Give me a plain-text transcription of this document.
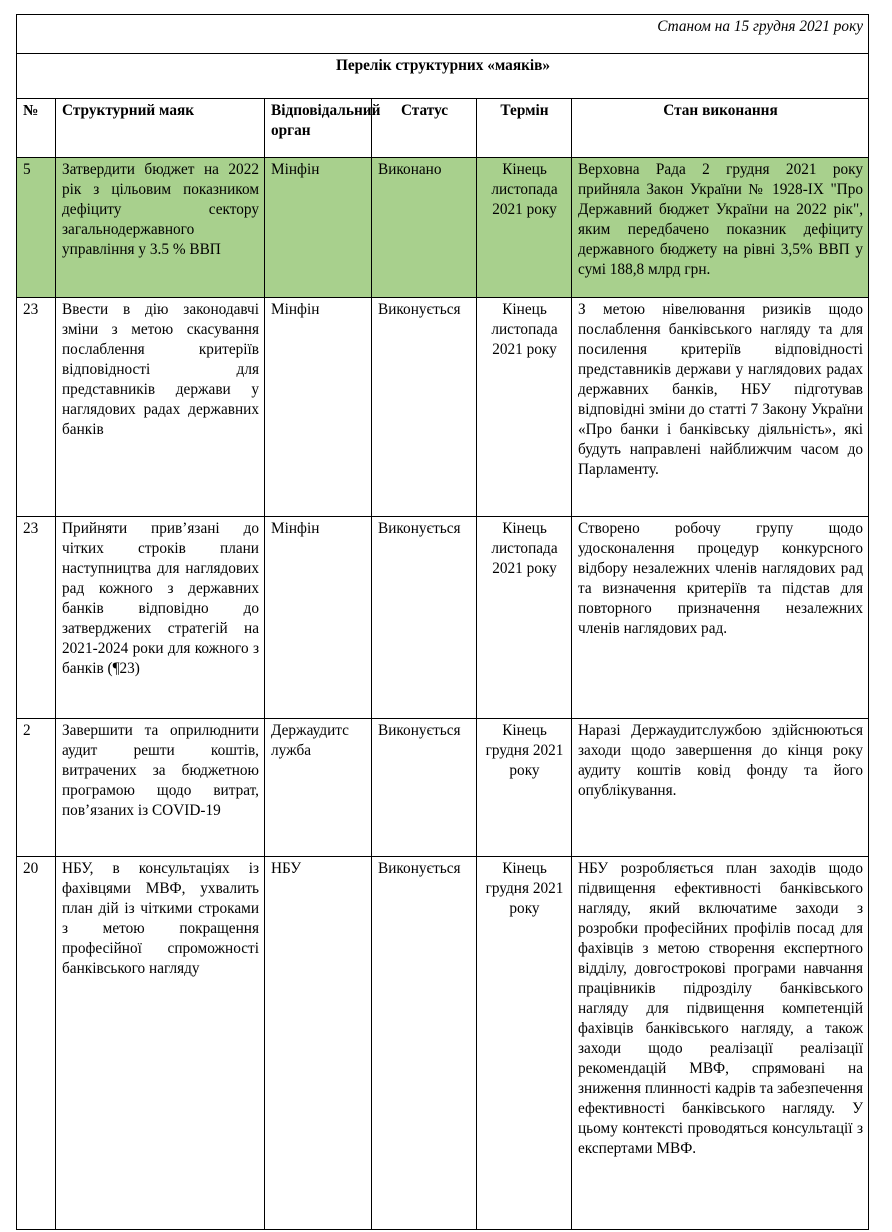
Станом на 15 грудня 2021 року					
Перелік структурних «маяків»					
№	Структурний маяк	Відповідальний орган	Статус	Термін	Стан виконання
5	Затвердити бюджет на 2022 рік з цільовим показником дефіциту сектору загальнодержавного управління у 3.5 % ВВП	Мінфін	Виконано	Кінець листопада 2021 року	Верховна Рада 2 грудня 2021 року прийняла Закон України № 1928-IX "Про Державний бюджет України на 2022 рік", яким передбачено показник дефіциту державного бюджету на рівні 3,5% ВВП у сумі 188,8 млрд грн.
23	Ввести в дію законодавчі зміни з метою скасування послаблення критеріїв відповідності для представників держави у наглядових радах державних банків	Мінфін	Виконується	Кінець листопада 2021 року	З метою нівелювання ризиків щодо послаблення банківського нагляду та для посилення критеріїв відповідності представників держави у наглядових радах державних банків, НБУ підготував відповідні зміни до статті 7 Закону України «Про банки і банківську діяльність», які будуть направлені найближчим часом до Парламенту.
23	Прийняти прив’язані до чітких строків плани наступництва для наглядових рад кожного з державних банків відповідно до затверджених стратегій на 2021-2024 роки для кожного з банків (¶23)	Мінфін	Виконується	Кінець листопада 2021 року	Створено робочу групу щодо удосконалення процедур конкурсного відбору незалежних членів наглядових рад та визначення критеріїв та підстав для повторного призначення незалежних членів наглядових рад.
2	Завершити та оприлюднити аудит решти коштів, витрачених за бюджетною програмою щодо витрат, пов’язаних із COVID-19	Держаудитс лужба	Виконується	Кінець грудня 2021 року	Наразі Держаудитслужбою здійснюються заходи щодо завершення до кінця року аудиту коштів ковід фонду та його опублікування.
20	НБУ, в консультаціях із фахівцями МВФ, ухвалить план дій із чіткими строками з метою покращення професійної спроможності банківського нагляду	НБУ	Виконується	Кінець грудня 2021 року	НБУ розробляється план заходів щодо підвищення ефективності банківського нагляду, який включатиме заходи з розробки професійних профілів посад для фахівців з метою створення експертного відділу, довгострокові програми навчання працівників підрозділу банківського нагляду для підвищення компетенцій фахівців банківського нагляду, а також заходи щодо реалізації реалізації рекомендацій МВФ, спрямовані на зниження плинності кадрів та забезпечення ефективності банківського нагляду. У цьому контексті проводяться консультації з експертами МВФ.
